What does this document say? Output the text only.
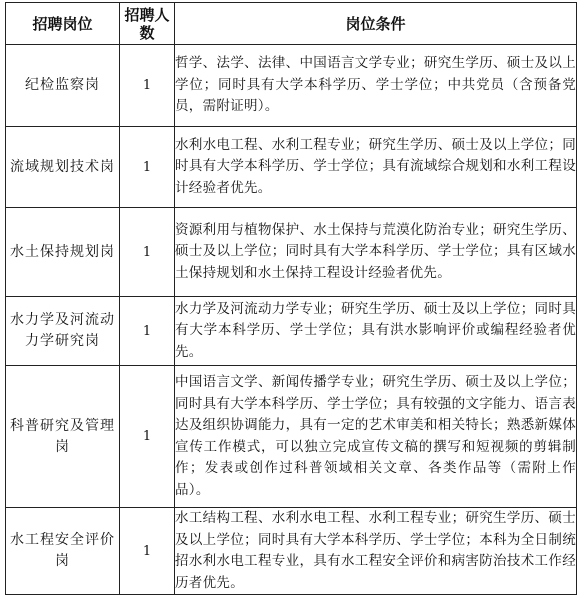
招聘岗位	招聘人数	岗位条件
纪检监察岗	1	哲学、法学、法律、中国语言文学专业；研究生学历、硕士及以上学位；同时具有大学本科学历、学士学位；中共党员（含预备党员，需附证明）。
流域规划技术岗	1	水利水电工程、水利工程专业；研究生学历、硕士及以上学位；同时具有大学本科学历、学士学位；具有流域综合规划和水利工程设计经验者优先。
水土保持规划岗	1	资源利用与植物保护、水土保持与荒漠化防治专业；研究生学历、硕士及以上学位；同时具有大学本科学历、学士学位；具有区域水土保持规划和水土保持工程设计经验者优先。
水力学及河流动力学研究岗	1	水力学及河流动力学专业；研究生学历、硕士及以上学位；同时具有大学本科学历、学士学位；具有洪水影响评价或编程经验者优先。
科普研究及管理岗	1	中国语言文学、新闻传播学专业；研究生学历、硕士及以上学位；同时具有大学本科学历、学士学位；具有较强的文字能力、语言表达及组织协调能力，具有一定的艺术审美和相关特长；熟悉新媒体宣传工作模式，可以独立完成宣传文稿的撰写和短视频的剪辑制作；发表或创作过科普领域相关文章、各类作品等（需附上作品）。
水工程安全评价岗	1	水工结构工程、水利水电工程、水利工程专业；研究生学历、硕士及以上学位；同时具有大学本科学历、学士学位；本科为全日制统招水利水电工程专业，具有水工程安全评价和病害防治技术工作经历者优先。
